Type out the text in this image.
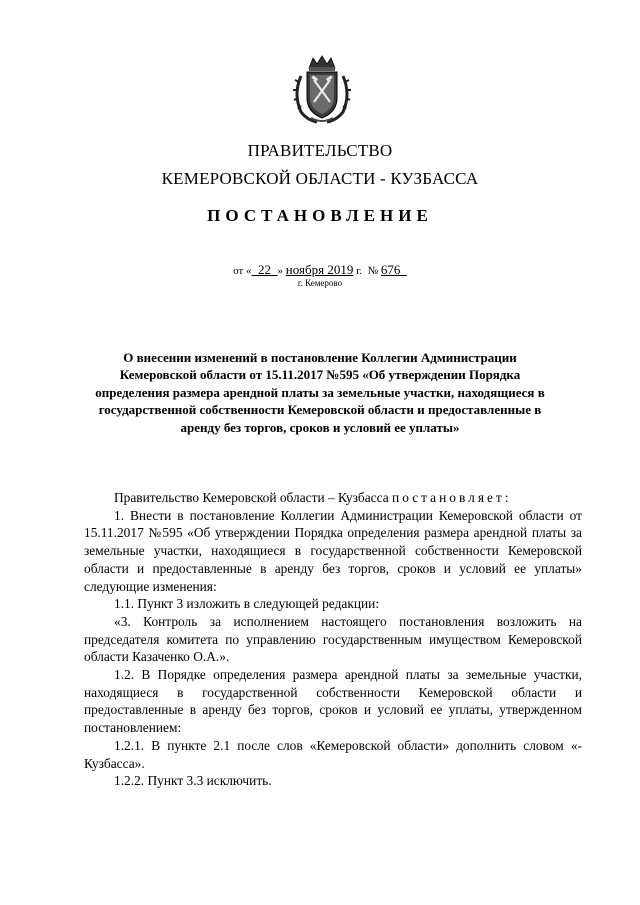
ПРАВИТЕЛЬСТВО
КЕМЕРОВСКОЙ ОБЛАСТИ - КУЗБАССА
ПОСТАНОВЛЕНИЕ
от « 22 » ноября 2019 г. № 676
г. Кемерово
О внесении изменений в постановление Коллегии Администрации Кемеровской области от 15.11.2017 №595 «Об утверждении Порядка определения размера арендной платы за земельные участки, находящиеся в государственной собственности Кемеровской области и предоставленные в аренду без торгов, сроков и условий ее уплаты»

Правительство Кемеровской области – Кузбасса постановляет:

1. Внести в постановление Коллегии Администрации Кемеровской области от 15.11.2017 №595 «Об утверждении Порядка определения размера арендной платы за земельные участки, находящиеся в государственной собственности Кемеровской области и предоставленные в аренду без торгов, сроков и условий ее уплаты» следующие изменения:

1.1. Пункт 3 изложить в следующей редакции:

«3. Контроль за исполнением настоящего постановления возложить на председателя комитета по управлению государственным имуществом Кемеровской области Казаченко О.А.».

1.2. В Порядке определения размера арендной платы за земельные участки, находящиеся в государственной собственности Кемеровской области и предоставленные в аренду без торгов, сроков и условий ее уплаты, утвержденном постановлением:

1.2.1. В пункте 2.1 после слов «Кемеровской области» дополнить словом «- Кузбасса».

1.2.2. Пункт 3.3 исключить.
